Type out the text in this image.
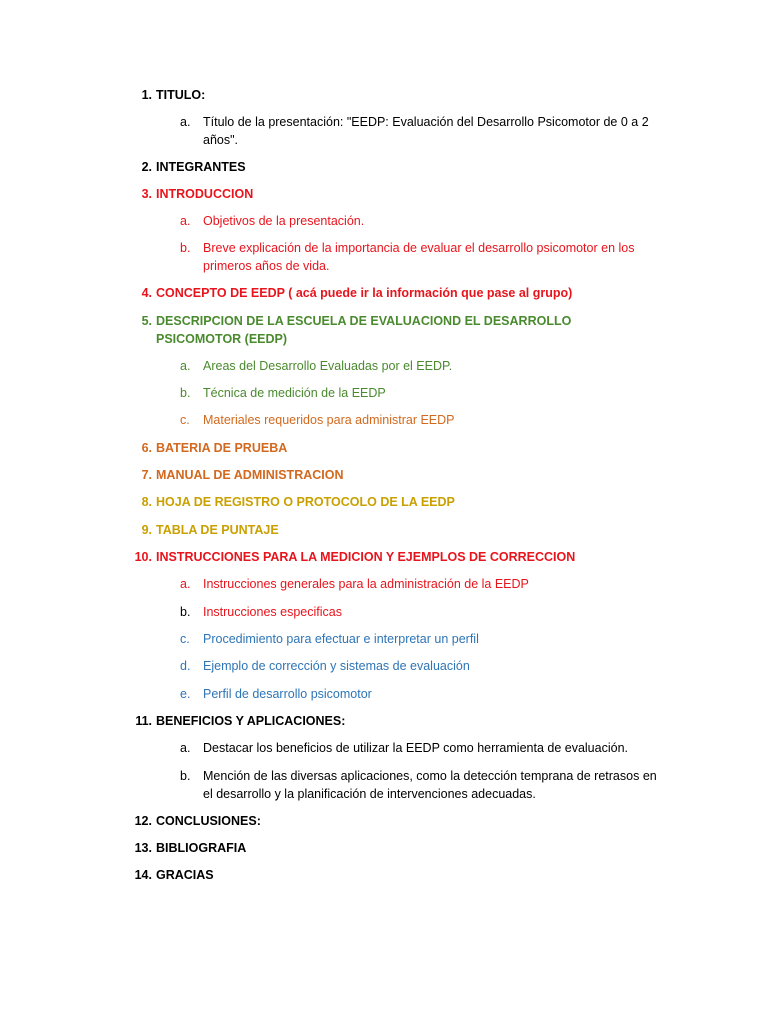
1. TITULO:
a. Título de la presentación: "EEDP: Evaluación del Desarrollo Psicomotor de 0 a 2 años".
2. INTEGRANTES
3. INTRODUCCION
a. Objetivos de la presentación.
b. Breve explicación de la importancia de evaluar el desarrollo psicomotor en los primeros años de vida.
4. CONCEPTO DE EEDP ( acá puede ir la información que pase al grupo)
5. DESCRIPCION DE LA ESCUELA DE EVALUACIOND EL DESARROLLO PSICOMOTOR (EEDP)
a. Areas del Desarrollo Evaluadas por el EEDP.
b. Técnica de medición de la EEDP
c.	Materiales requeridos para administrar EEDP
6. BATERIA DE PRUEBA
7. MANUAL DE ADMINISTRACION
8. HOJA DE REGISTRO O PROTOCOLO DE LA EEDP
9. TABLA DE PUNTAJE
10. INSTRUCCIONES PARA LA MEDICION Y EJEMPLOS DE CORRECCION
a. Instrucciones generales para la administración de la EEDP
b. Instrucciones especificas
c.	Procedimiento para efectuar e interpretar un perfil
d. Ejemplo de corrección y sistemas de evaluación
e. Perfil de desarrollo psicomotor
11. BENEFICIOS Y APLICACIONES:
a. Destacar los beneficios de utilizar la EEDP como herramienta de evaluación.
b. Mención de las diversas aplicaciones, como la detección temprana de retrasos en el desarrollo y la planificación de intervenciones adecuadas.
12. CONCLUSIONES:
13. BIBLIOGRAFIA
14. GRACIAS
